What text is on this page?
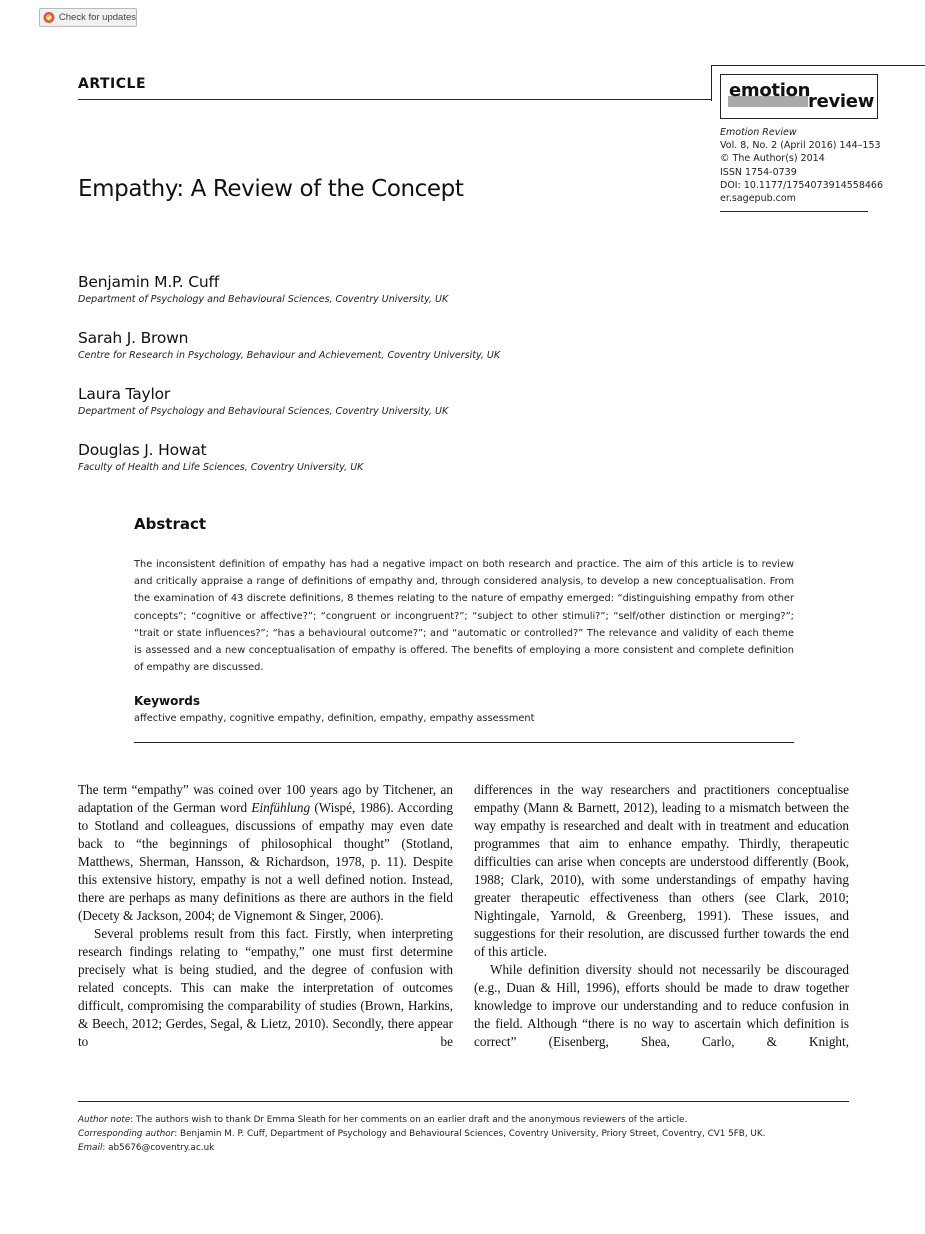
Check for updates
ARTICLE	emotion
review
Emotion Review
Vol. 8, No. 2 (April 2016) 144–153
© The Author(s) 2014
ISSN 1754-0739
DOI: 10.1177/1754073914558466
er.sagepub.com
Empathy: A Review of the Concept
Benjamin M.P. Cuff
Department of Psychology and Behavioural Sciences, Coventry University, UK
Sarah J. Brown
Centre for Research in Psychology, Behaviour and Achievement, Coventry University, UK
Laura Taylor
Department of Psychology and Behavioural Sciences, Coventry University, UK
Douglas J. Howat
Faculty of Health and Life Sciences, Coventry University, UK
Abstract
The inconsistent definition of empathy has had a negative impact on both research and practice. The aim of this article is to review and critically appraise a range of definitions of empathy and, through considered analysis, to develop a new conceptualisation. From the examination of 43 discrete definitions, 8 themes relating to the nature of empathy emerged: “distinguishing empathy from other concepts”; “cognitive or affective?”; “congruent or incongruent?”; “subject to other stimuli?”; “self/other distinction or merging?”; “trait or state influences?”; “has a behavioural outcome?”; and “automatic or controlled?” The relevance and validity of each theme is assessed and a new conceptualisation of empathy is offered. The benefits of employing a more consistent and complete definition of empathy are discussed.
Keywords
affective empathy, cognitive empathy, definition, empathy, empathy assessment

The term “empathy” was coined over 100 years ago by Titchener, an adaptation of the German word Einfühlung (Wispé, 1986). According to Stotland and colleagues, discussions of empathy may even date back to “the beginnings of philosophical thought” (Stotland, Matthews, Sherman, Hansson, & Richardson, 1978, p. 11). Despite this extensive history, empathy is not a well defined notion. Instead, there are perhaps as many definitions as there are authors in the field (Decety & Jackson, 2004; de Vignemont & Singer, 2006).

Several problems result from this fact. Firstly, when interpreting research findings relating to “empathy,” one must first determine precisely what is being studied, and the degree of confusion with related concepts. This can make the interpretation of outcomes difficult, compromising the comparability of studies (Brown, Harkins, & Beech, 2012; Gerdes, Segal, & Lietz, 2010). Secondly, there appear to be

differences in the way researchers and practitioners conceptualise empathy (Mann & Barnett, 2012), leading to a mismatch between the way empathy is researched and dealt with in treatment and education programmes that aim to enhance empathy. Thirdly, therapeutic difficulties can arise when concepts are understood differently (Book, 1988; Clark, 2010), with some understandings of empathy having greater therapeutic effectiveness than others (see Clark, 2010; Nightingale, Yarnold, & Greenberg, 1991). These issues, and suggestions for their resolution, are discussed further towards the end of this article.

While definition diversity should not necessarily be discouraged (e.g., Duan & Hill, 1996), efforts should be made to draw together knowledge to improve our understanding and to reduce confusion in the field. Although “there is no way to ascertain which definition is correct” (Eisenberg, Shea, Carlo, & Knight,

Author note: The authors wish to thank Dr Emma Sleath for her comments on an earlier draft and the anonymous reviewers of the article.
Corresponding author: Benjamin M. P. Cuff, Department of Psychology and Behavioural Sciences, Coventry University, Priory Street, Coventry, CV1 5FB, UK.
Email: ab5676@coventry.ac.uk
